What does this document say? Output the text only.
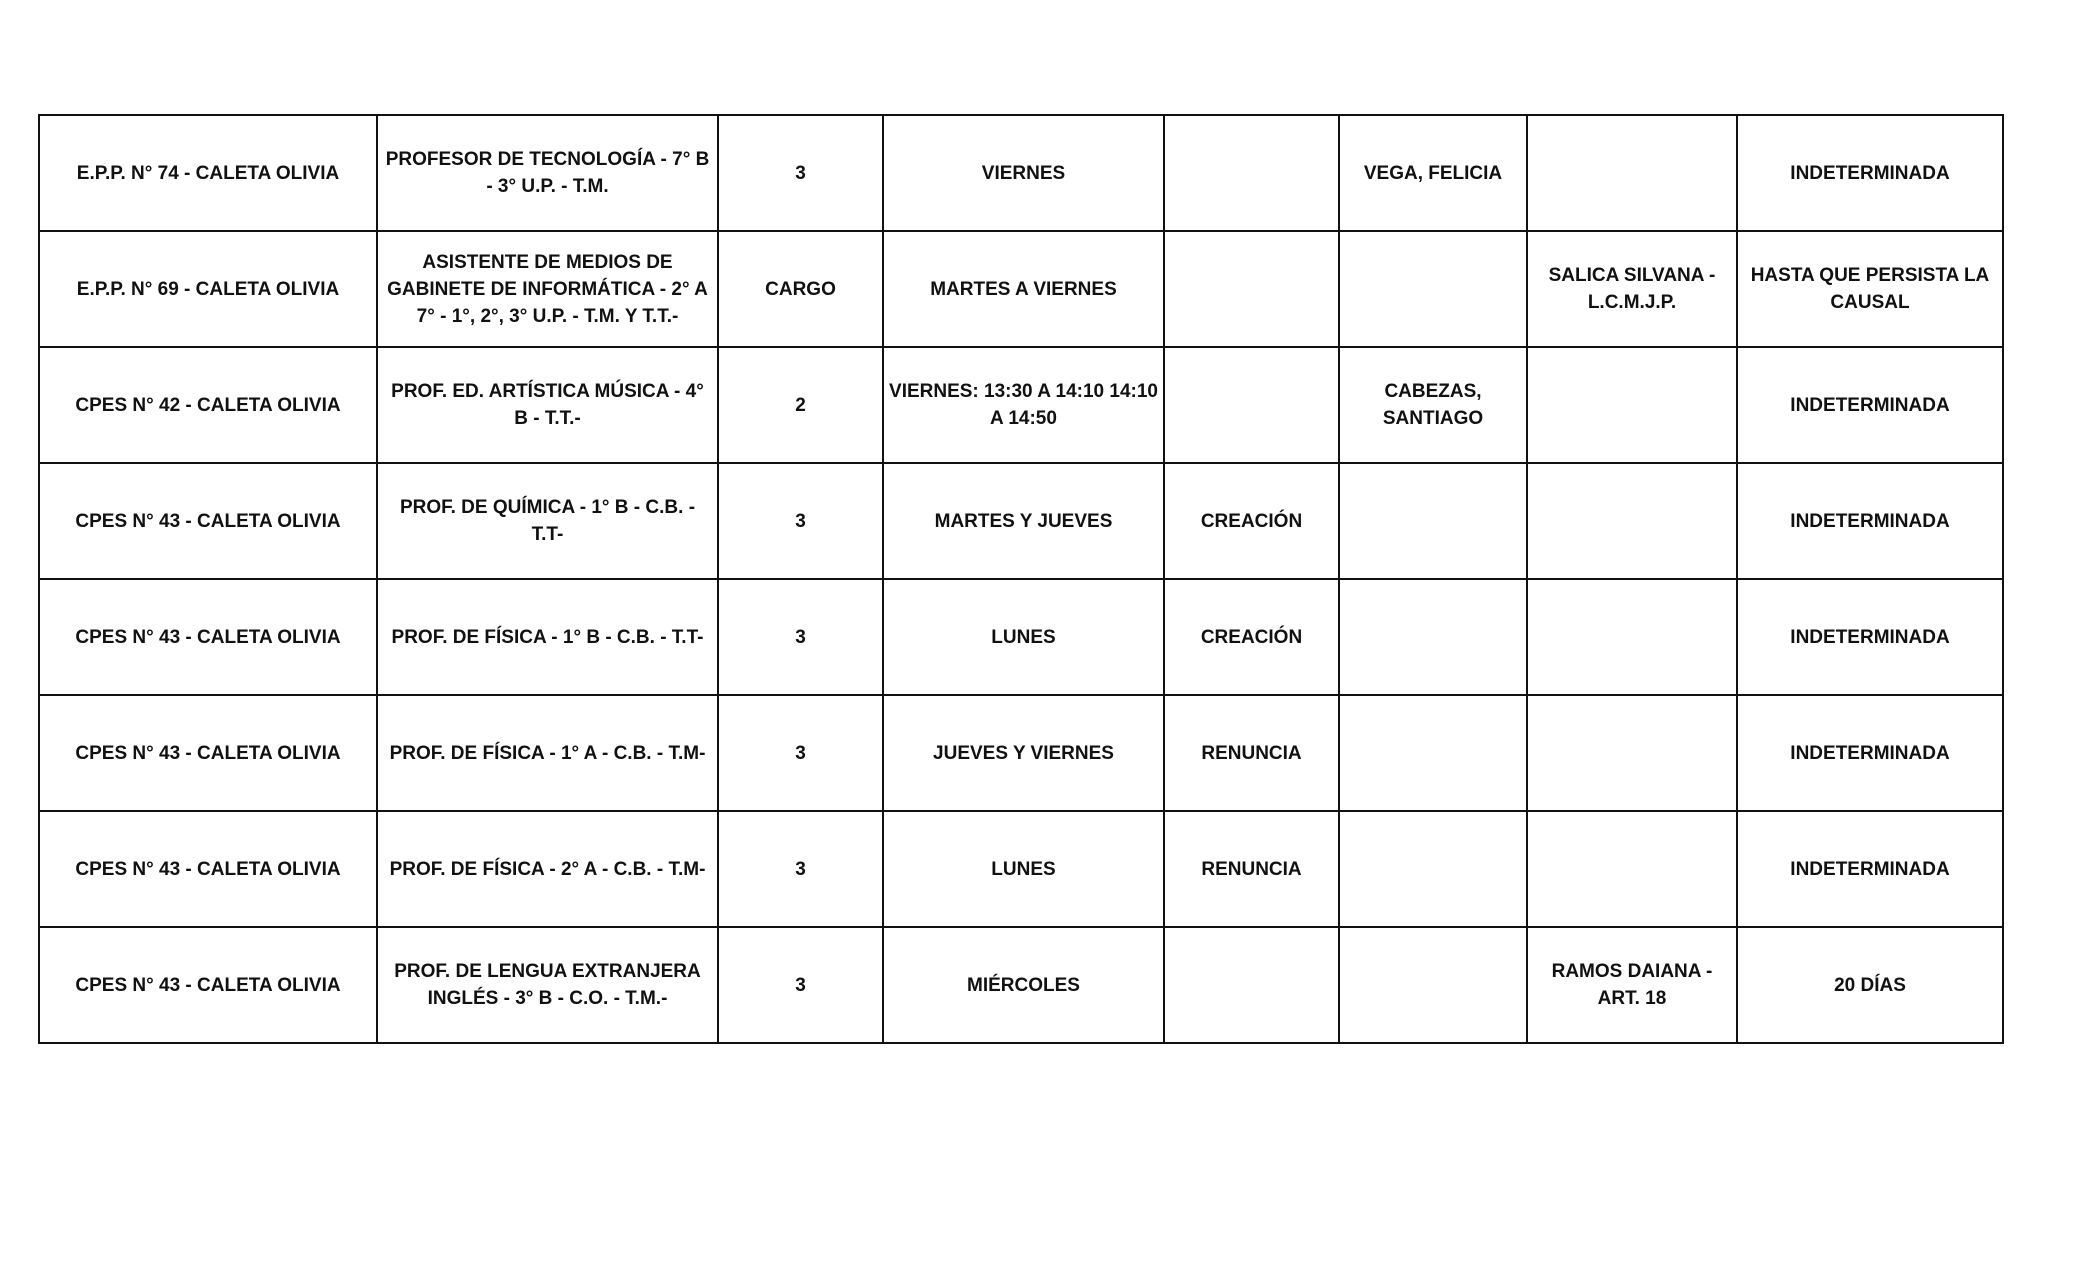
E.P.P. N° 74 - CALETA OLIVIA	PROFESOR DE TECNOLOGÍA - 7° B - 3° U.P. - T.M.	3	VIERNES		VEGA, FELICIA		INDETERMINADA
E.P.P. N° 69 - CALETA OLIVIA	ASISTENTE DE MEDIOS DE GABINETE DE INFORMÁTICA - 2° A 7° - 1°, 2°, 3° U.P. - T.M. Y T.T.-	CARGO	MARTES A VIERNES			SALICA SILVANA - L.C.M.J.P.	HASTA QUE PERSISTA LA CAUSAL
CPES N° 42 - CALETA OLIVIA	PROF. ED. ARTÍSTICA MÚSICA - 4° B - T.T.-	2	VIERNES: 13:30 A 14:10 14:10 A 14:50		CABEZAS, SANTIAGO		INDETERMINADA
CPES N° 43 - CALETA OLIVIA	PROF. DE QUÍMICA - 1° B - C.B. - T.T-	3	MARTES Y JUEVES	CREACIÓN			INDETERMINADA
CPES N° 43 - CALETA OLIVIA	PROF. DE FÍSICA - 1° B - C.B. - T.T-	3	LUNES	CREACIÓN			INDETERMINADA
CPES N° 43 - CALETA OLIVIA	PROF. DE FÍSICA - 1° A - C.B. - T.M-	3	JUEVES Y VIERNES	RENUNCIA			INDETERMINADA
CPES N° 43 - CALETA OLIVIA	PROF. DE FÍSICA - 2° A - C.B. - T.M-	3	LUNES	RENUNCIA			INDETERMINADA
CPES N° 43 - CALETA OLIVIA	PROF. DE LENGUA EXTRANJERA INGLÉS - 3° B - C.O. - T.M.-	3	MIÉRCOLES			RAMOS DAIANA - ART. 18	20 DÍAS
